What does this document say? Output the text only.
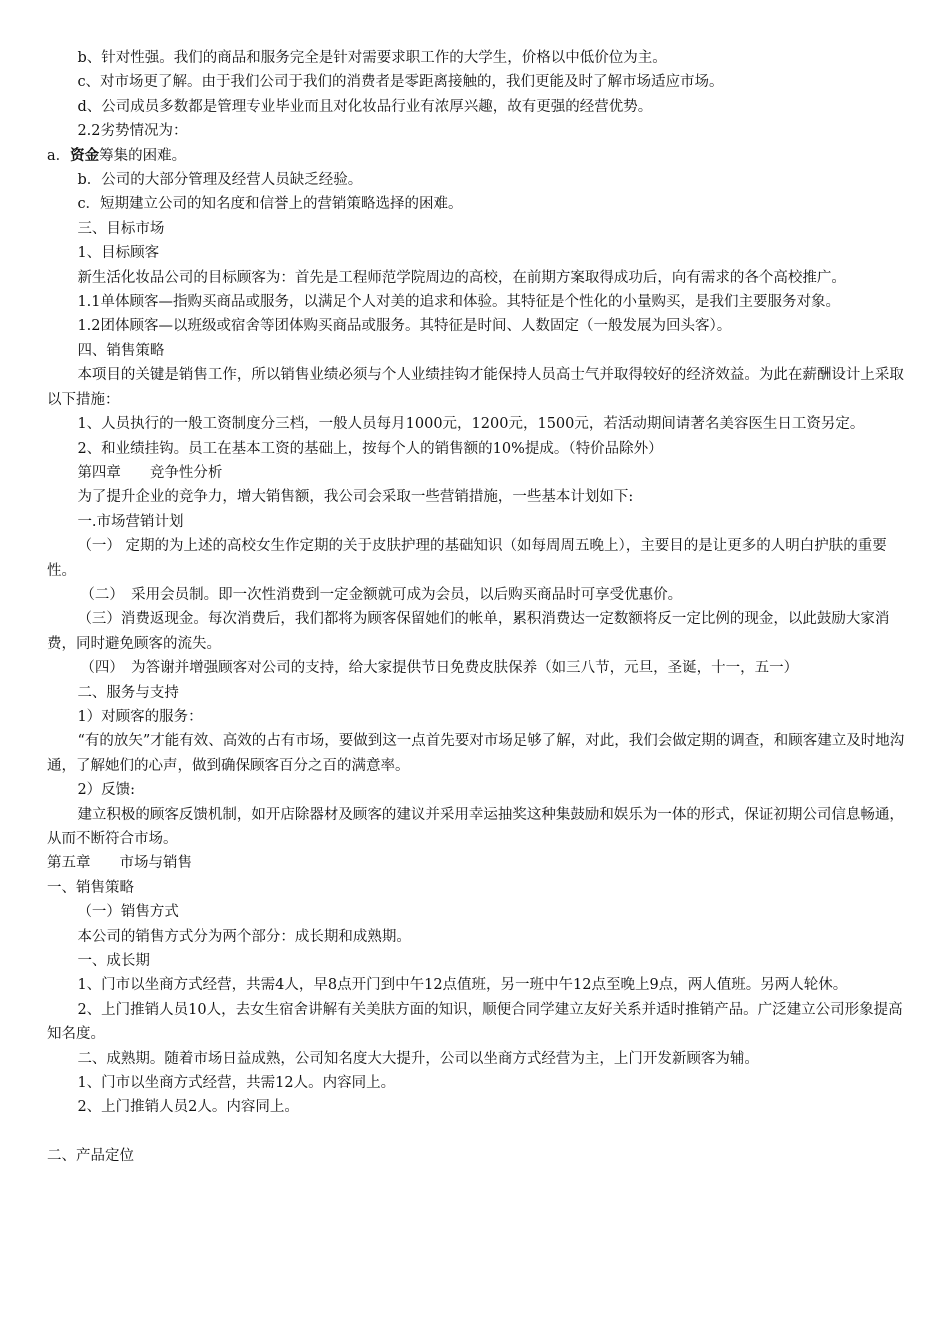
b、针对性强。我们的商品和服务完全是针对需要求职工作的大学生，价格以中低价位为主。

c、对市场更了解。由于我们公司于我们的消费者是零距离接触的，我们更能及时了解市场适应市场。

d、公司成员多数都是管理专业毕业而且对化妆品行业有浓厚兴趣，故有更强的经营优势。

2.2劣势情况为：

a．资金筹集的困难。

b．公司的大部分管理及经营人员缺乏经验。

c．短期建立公司的知名度和信誉上的营销策略选择的困难。

三、目标市场

1、目标顾客

新生活化妆品公司的目标顾客为：首先是工程师范学院周边的高校，在前期方案取得成功后，向有需求的各个高校推广。

1.1单体顾客—指购买商品或服务，以满足个人对美的追求和体验。其特征是个性化的小量购买，是我们主要服务对象。

1.2团体顾客—以班级或宿舍等团体购买商品或服务。其特征是时间、人数固定（一般发展为回头客）。

四、销售策略

本项目的关键是销售工作，所以销售业绩必须与个人业绩挂钩才能保持人员高士气并取得较好的经济效益。为此在薪酬设计上采取以下措施：

1、人员执行的一般工资制度分三档，一般人员每月1000元，1200元，1500元，若活动期间请著名美容医生日工资另定。

2、和业绩挂钩。员工在基本工资的基础上，按每个人的销售额的10%提成。（特价品除外）

第四章　　竞争性分析

为了提升企业的竞争力，增大销售额，我公司会采取一些营销措施，一些基本计划如下:

一.市场营销计划

（一） 定期的为上述的高校女生作定期的关于皮肤护理的基础知识（如每周周五晚上），主要目的是让更多的人明白护肤的重要性。

（二）　采用会员制。即一次性消费到一定金额就可成为会员，以后购买商品时可享受优惠价。

（三）消费返现金。每次消费后，我们都将为顾客保留她们的帐单，累积消费达一定数额将反一定比例的现金，以此鼓励大家消费，同时避免顾客的流失。

（四）　为答谢并增强顾客对公司的支持，给大家提供节日免费皮肤保养（如三八节，元旦，圣诞，十一，五一）

二、服务与支持

1）对顾客的服务：

“有的放矢”才能有效、高效的占有市场，要做到这一点首先要对市场足够了解，对此，我们会做定期的调查，和顾客建立及时地沟通，了解她们的心声，做到确保顾客百分之百的满意率。

2）反馈:

建立积极的顾客反馈机制，如开店除器材及顾客的建议并采用幸运抽奖这种集鼓励和娱乐为一体的形式，保证初期公司信息畅通，从而不断符合市场。

第五章　　市场与销售

一、销售策略

（一）销售方式

本公司的销售方式分为两个部分：成长期和成熟期。

一、成长期

1、门市以坐商方式经营，共需4人，早8点开门到中午12点值班，另一班中午12点至晚上9点，两人值班。另两人轮休。

2、上门推销人员10人，去女生宿舍讲解有关美肤方面的知识，顺便合同学建立友好关系并适时推销产品。广泛建立公司形象提高知名度。

二、成熟期。随着市场日益成熟，公司知名度大大提升，公司以坐商方式经营为主，上门开发新顾客为辅。

1、门市以坐商方式经营，共需12人。内容同上。

2、上门推销人员2人。内容同上。

二、产品定位
